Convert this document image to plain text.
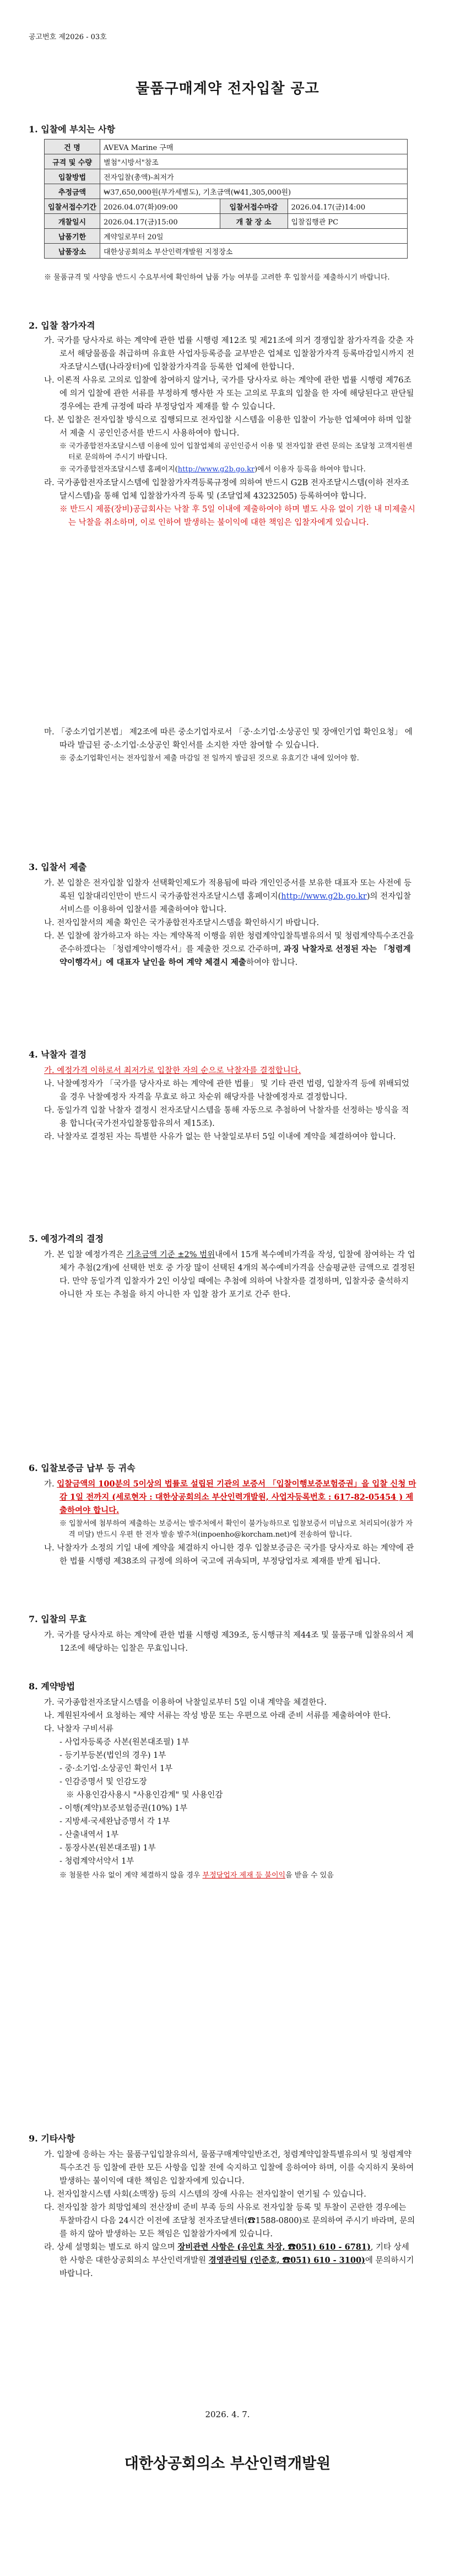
공고번호 제2026 - 03호
물품구매계약 전자입찰 공고
1. 입찰에 부치는 사항
건 명	AVEVA Marine 구매		
규격 및 수량	별첨"시방서"참조		
입찰방법	전자입찰(총액)-최저가		
추정금액	₩37,650,000원(부가세별도), 기초금액(₩41,305,000원)		
입찰서접수기간	2026.04.07(화)09:00	입찰서접수마감	2026.04.17(금)14:00
개찰일시	2026.04.17(금)15:00	개 찰 장 소	입찰집행관 PC
납품기한	계약일로부터 20일		
납품장소	대한상공회의소 부산인력개발원 지정장소		
※ 물품규격 및 사양을 반드시 수요부서에 확인하여 납품 가능 여부를 고려한 후 입찰서를 제출하시기 바랍니다.
2. 입찰 참가자격

가. 국가를 당사자로 하는 계약에 관한 법률 시행령 제12조 및 제21조에 의거 경쟁입찰 참가자격을 갖춘 자로서 해당물품을 취급하며 유효한 사업자등록증을 교부받은 업체로 입찰참가자격 등록마감일시까지 전자조달시스템(나라장터)에 입찰참가자격을 등록한 업체에 한합니다.

나. 이론적 사유로 고의로 입찰에 참여하지 않거나, 국가를 당사자로 하는 계약에 관한 법률 시행령 제76조에 의거 입찰에 관한 서류를 부정하게 행사한 자 또는 고의로 무효의 입찰을 한 자에 해당된다고 판단될 경우에는 관계 규정에 따라 부정당업자 제재를 할 수 있습니다.

다. 본 입찰은 전자입찰 방식으로 집행되므로 전자입찰 시스템을 이용한 입찰이 가능한 업체여야 하며 입찰서 제출 시 공인인증서를 반드시 사용하여야 합니다.

※ 국가종합전자조달시스템 이용에 있어 입찰업체의 공인인증서 이용 및 전자입찰 관련 문의는 조달청 고객지원센터로 문의하여 주시기 바랍니다.

※ 국가종합전자조달시스템 홈페이지(http://www.g2b.go.kr)에서 이용자 등록을 하여야 합니다.

라. 국가종합전자조달시스템에 입찰참가자격등록규정에 의하여 반드시 G2B 전자조달시스템(이하 전자조달시스템)을 통해 업체 입찰참가자격 등록 및 (조달업체 43232505) 등록하여야 합니다.

※ 반드시 제품(장비)공급회사는 낙찰 후 5일 이내에 제출하여야 하며 별도 사유 없이 기한 내 미제출시는 낙찰을 취소하며, 이로 인하여 발생하는 불이익에 대한 책임은 입찰자에게 있습니다.

마. 「중소기업기본법」 제2조에 따른 중소기업자로서 「중·소기업·소상공인 및 장애인기업 확인요청」 에 따라 발급된 중·소기업·소상공인 확인서를 소지한 자만 참여할 수 있습니다.

※ 중소기업확인서는 전자입찰서 제출 마감일 전 일까지 발급된 것으로 유효기간 내에 있어야 함.

3. 입찰서 제출

가. 본 입찰은 전자입찰 입찰자 선택확인제도가 적용됨에 따라 개인인증서를 보유한 대표자 또는 사전에 등록된 입찰대리인만이 반드시 국가종합전자조달시스템 홈페이지(http://www.g2b.go.kr)의 전자입찰서비스를 이용하여 입찰서를 제출하여야 합니다.

나. 전자입찰서의 제출 확인은 국가종합전자조달시스템을 확인하시기 바랍니다.

다. 본 입찰에 참가하고자 하는 자는 계약목적 이행을 위한 청렴계약입찰특별유의서 및 청렴계약특수조건을 준수하겠다는 「청렴계약이행각서」를 제출한 것으로 간주하며, 과징 낙찰자로 선정된 자는 「청렴계약이행각서」에 대표자 날인을 하여 계약 체결시 제출하여야 합니다.

4. 낙찰자 결정

가. 예정가격 이하로서 최저가로 입찰한 자의 순으로 낙찰자를 결정합니다.

나. 낙찰예정자가 「국가를 당사자로 하는 계약에 관한 법률」 및 기타 관련 법령, 입찰자격 등에 위배되었을 경우 낙찰예정자 자격을 무효로 하고 차순위 해당자를 낙찰예정자로 결정합니다.

다. 동일가격 입찰 낙찰자 결정시 전자조달시스템을 통해 자동으로 추첨하여 낙찰자를 선정하는 방식을 적용 합니다(국가전자입찰통합유의서 제15조).

라. 낙찰자로 결정된 자는 특별한 사유가 없는 한 낙찰일로부터 5일 이내에 계약을 체결하여야 합니다.

5. 예정가격의 결정

가. 본 입찰 예정가격은 기초금액 기준 ±2% 범위내에서 15개 복수예비가격을 작성, 입찰에 참여하는 각 업체가 추첨(2개)에 선택한 번호 중 가장 많이 선택된 4개의 복수예비가격을 산술평균한 금액으로 결정된다. 만약 동일가격 입찰자가 2인 이상일 때에는 추첨에 의하여 낙찰자를 결정하며, 입찰자중 출석하지 아니한 자 또는 추첨을 하지 아니한 자 입찰 참가 포기로 간주 한다.

6. 입찰보증금 납부 등 귀속

가. 입찰금액의 100분의 5이상의 법률로 설립된 기관의 보증서 「입찰이행보증보험증권」을 입찰 신청 마감 1일 전까지 (세로현자 : 대한상공회의소 부산인력개발원, 사업자등록번호 : 617-82-05454 ) 제출하여야 합니다.

※ 입찰서에 첨부하여 제출하는 보증서는 발주처에서 확인이 불가능하므로 입찰보증서 미납으로 처리되어(참가 자격 미달) 반드시 우편 한 전자 발송 발주처(inpoenho@korcham.net)에 전송하여 합니다.

나. 낙찰자가 소정의 기일 내에 계약을 체결하지 아니한 경우 입찰보증금은 국가를 당사자로 하는 계약에 관한 법률 시행령 제38조의 규정에 의하여 국고에 귀속되며, 부정당업자로 제재를 받게 됩니다.

7. 입찰의 무효

가. 국가를 당사자로 하는 계약에 관한 법률 시행령 제39조, 동시행규칙 제44조 및 물품구매 입찰유의서 제12조에 해당하는 입찰은 무효입니다.

8. 계약방법

가. 국가종합전자조달시스템을 이용하여 낙찰일로부터 5일 이내 계약을 체결한다.

나. 계원된자에서 요청하는 제약 서류는 작성 방문 또는 우편으로 아래 준비 서류를 제출하여야 한다.

다. 낙찰자 구비서류

- 사업자등록증 사본(원본대조필) 1부

- 등기부등본(법인의 경우) 1부

- 중·소기업·소상공인 확인서 1부

- 인감증명서 및 인감도장

※ 사용인감사용시 "사용인감계" 및 사용인감

- 이행(계약)보증보험증권(10%) 1부

- 지방세·국세완납증명서 각 1부

- 산출내역서 1부

- 통장사본(원본대조필) 1부

- 청렴계약서약서 1부

※ 첨물한 사유 없이 계약 체결하지 않을 경우 부정당업자 제재 등 불이익을 받을 수 있음

9. 기타사항

가. 입찰에 응하는 자는 물품구입입찰유의서, 물품구매계약일반조건, 청렴계약입찰특별유의서 및 청렴계약특수조건 등 입찰에 관한 모든 사항을 입찰 전에 숙지하고 입찰에 응하여야 하며, 이를 숙지하지 못하여 발생하는 불이익에 대한 책임은 입찰자에게 있습니다.

나. 전자입찰시스템 사회(소맥장) 등의 시스템의 장애 사유는 전자입찰이 연기될 수 있습니다.

다. 전자입찰 참가 희망업체의 전산장비 준비 부족 등의 사유로 전자입찰 등록 및 투찰이 곤란한 경우에는 투찰마감시 다음 24시간 이전에 조달청 전자조달센터(☎1588-0800)로 문의하여 주시기 바라며, 문의를 하지 않아 발생하는 모든 책임은 입찰참가자에게 있습니다.

라. 상세 설명회는 별도로 하지 않으며 장비관련 사항은 (유인효 차장, ☎051) 610 - 6781), 기타 상세한 사항은 대한상공회의소 부산인력개발원 경영관리팀 (인준호, ☎051) 610 - 3100)에 문의하시기 바랍니다.

2026. 4. 7.
대한상공회의소 부산인력개발원
